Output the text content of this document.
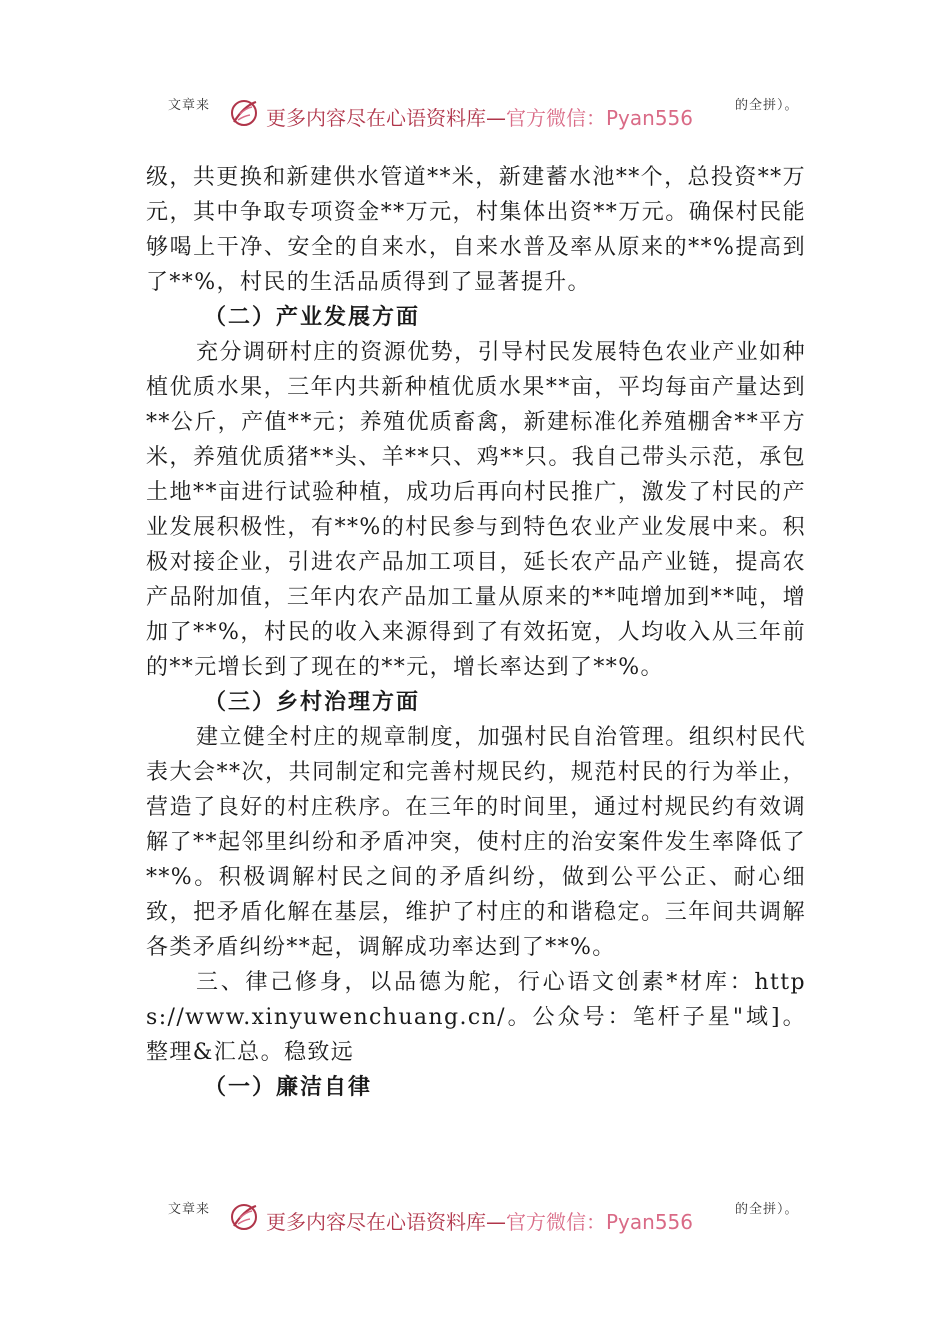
文章来
更多内容尽在心语资料库—官方微信：Pyan556
的全拼）。

级，共更换和新建供水管道**米，新建蓄水池**个，总投资**万元，其中争取专项资金**万元，村集体出资**万元。确保村民能够喝上干净、安全的自来水，自来水普及率从原来的**%提高到了**%，村民的生活品质得到了显著提升。

（二）产业发展方面

充分调研村庄的资源优势，引导村民发展特色农业产业如种植优质水果，三年内共新种植优质水果**亩，平均每亩产量达到**公斤，产值**元；养殖优质畜禽，新建标准化养殖棚舍**平方米，养殖优质猪**头、羊**只、鸡**只。我自己带头示范，承包土地**亩进行试验种植，成功后再向村民推广，激发了村民的产业发展积极性，有**%的村民参与到特色农业产业发展中来。积极对接企业，引进农产品加工项目，延长农产品产业链，提高农产品附加值，三年内农产品加工量从原来的**吨增加到**吨，增加了**%，村民的收入来源得到了有效拓宽，人均收入从三年前的**元增长到了现在的**元，增长率达到了**%。

（三）乡村治理方面

建立健全村庄的规章制度，加强村民自治管理。组织村民代表大会**次，共同制定和完善村规民约，规范村民的行为举止，营造了良好的村庄秩序。在三年的时间里，通过村规民约有效调解了**起邻里纠纷和矛盾冲突，使村庄的治安案件发生率降低了**%。积极调解村民之间的矛盾纠纷，做到公平公正、耐心细致，把矛盾化解在基层，维护了村庄的和谐稳定。三年间共调解各类矛盾纠纷**起，调解成功率达到了**%。

三、律己修身，以品德为舵，行心语文创素*材库：https://www.xinyuwenchuang.cn/。公众号：笔杆子星"域]。整理&汇总。稳致远

（一）廉洁自律

文章来
更多内容尽在心语资料库—官方微信：Pyan556
的全拼）。
